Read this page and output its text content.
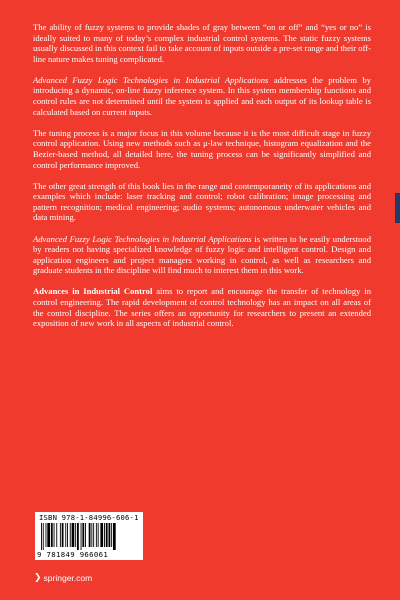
The ability of fuzzy systems to provide shades of gray between “on or off” and “yes or no” is ideally suited to many of today’s complex industrial control systems. The static fuzzy systems usually discussed in this context fail to take account of inputs outside a pre-set range and their off-line nature makes tuning complicated.

Advanced Fuzzy Logic Technologies in Industrial Applications addresses the problem by introducing a dynamic, on-line fuzzy inference system. In this system membership functions and control rules are not determined until the system is applied and each output of its lookup table is calculated based on current inputs.

The tuning process is a major focus in this volume because it is the most difficult stage in fuzzy control application. Using new methods such as μ-law technique, histogram equalization and the Bezier-based method, all detailed here, the tuning process can be significantly simplified and control performance improved.

The other great strength of this book lies in the range and contemporaneity of its applications and examples which include: laser tracking and control; robot calibration; image processing and pattern recognition; medical engineering; audio systems; autonomous underwater vehicles and data mining.

Advanced Fuzzy Logic Technologies in Industrial Applications is written to be easily understood by readers not having specialized knowledge of fuzzy logic and intelligent control. Design and application engineers and project managers working in control, as well as researchers and graduate students in the discipline will find much to interest them in this work.

Advances in Industrial Control aims to report and encourage the transfer of technology in control engineering. The rapid development of control technology has an impact on all areas of the control discipline. The series offers an opportunity for researchers to present an extended exposition of new work in all aspects of industrial control.

ISBN 978-1-84996-606-1
9 781849 966061
❯ springer.com
